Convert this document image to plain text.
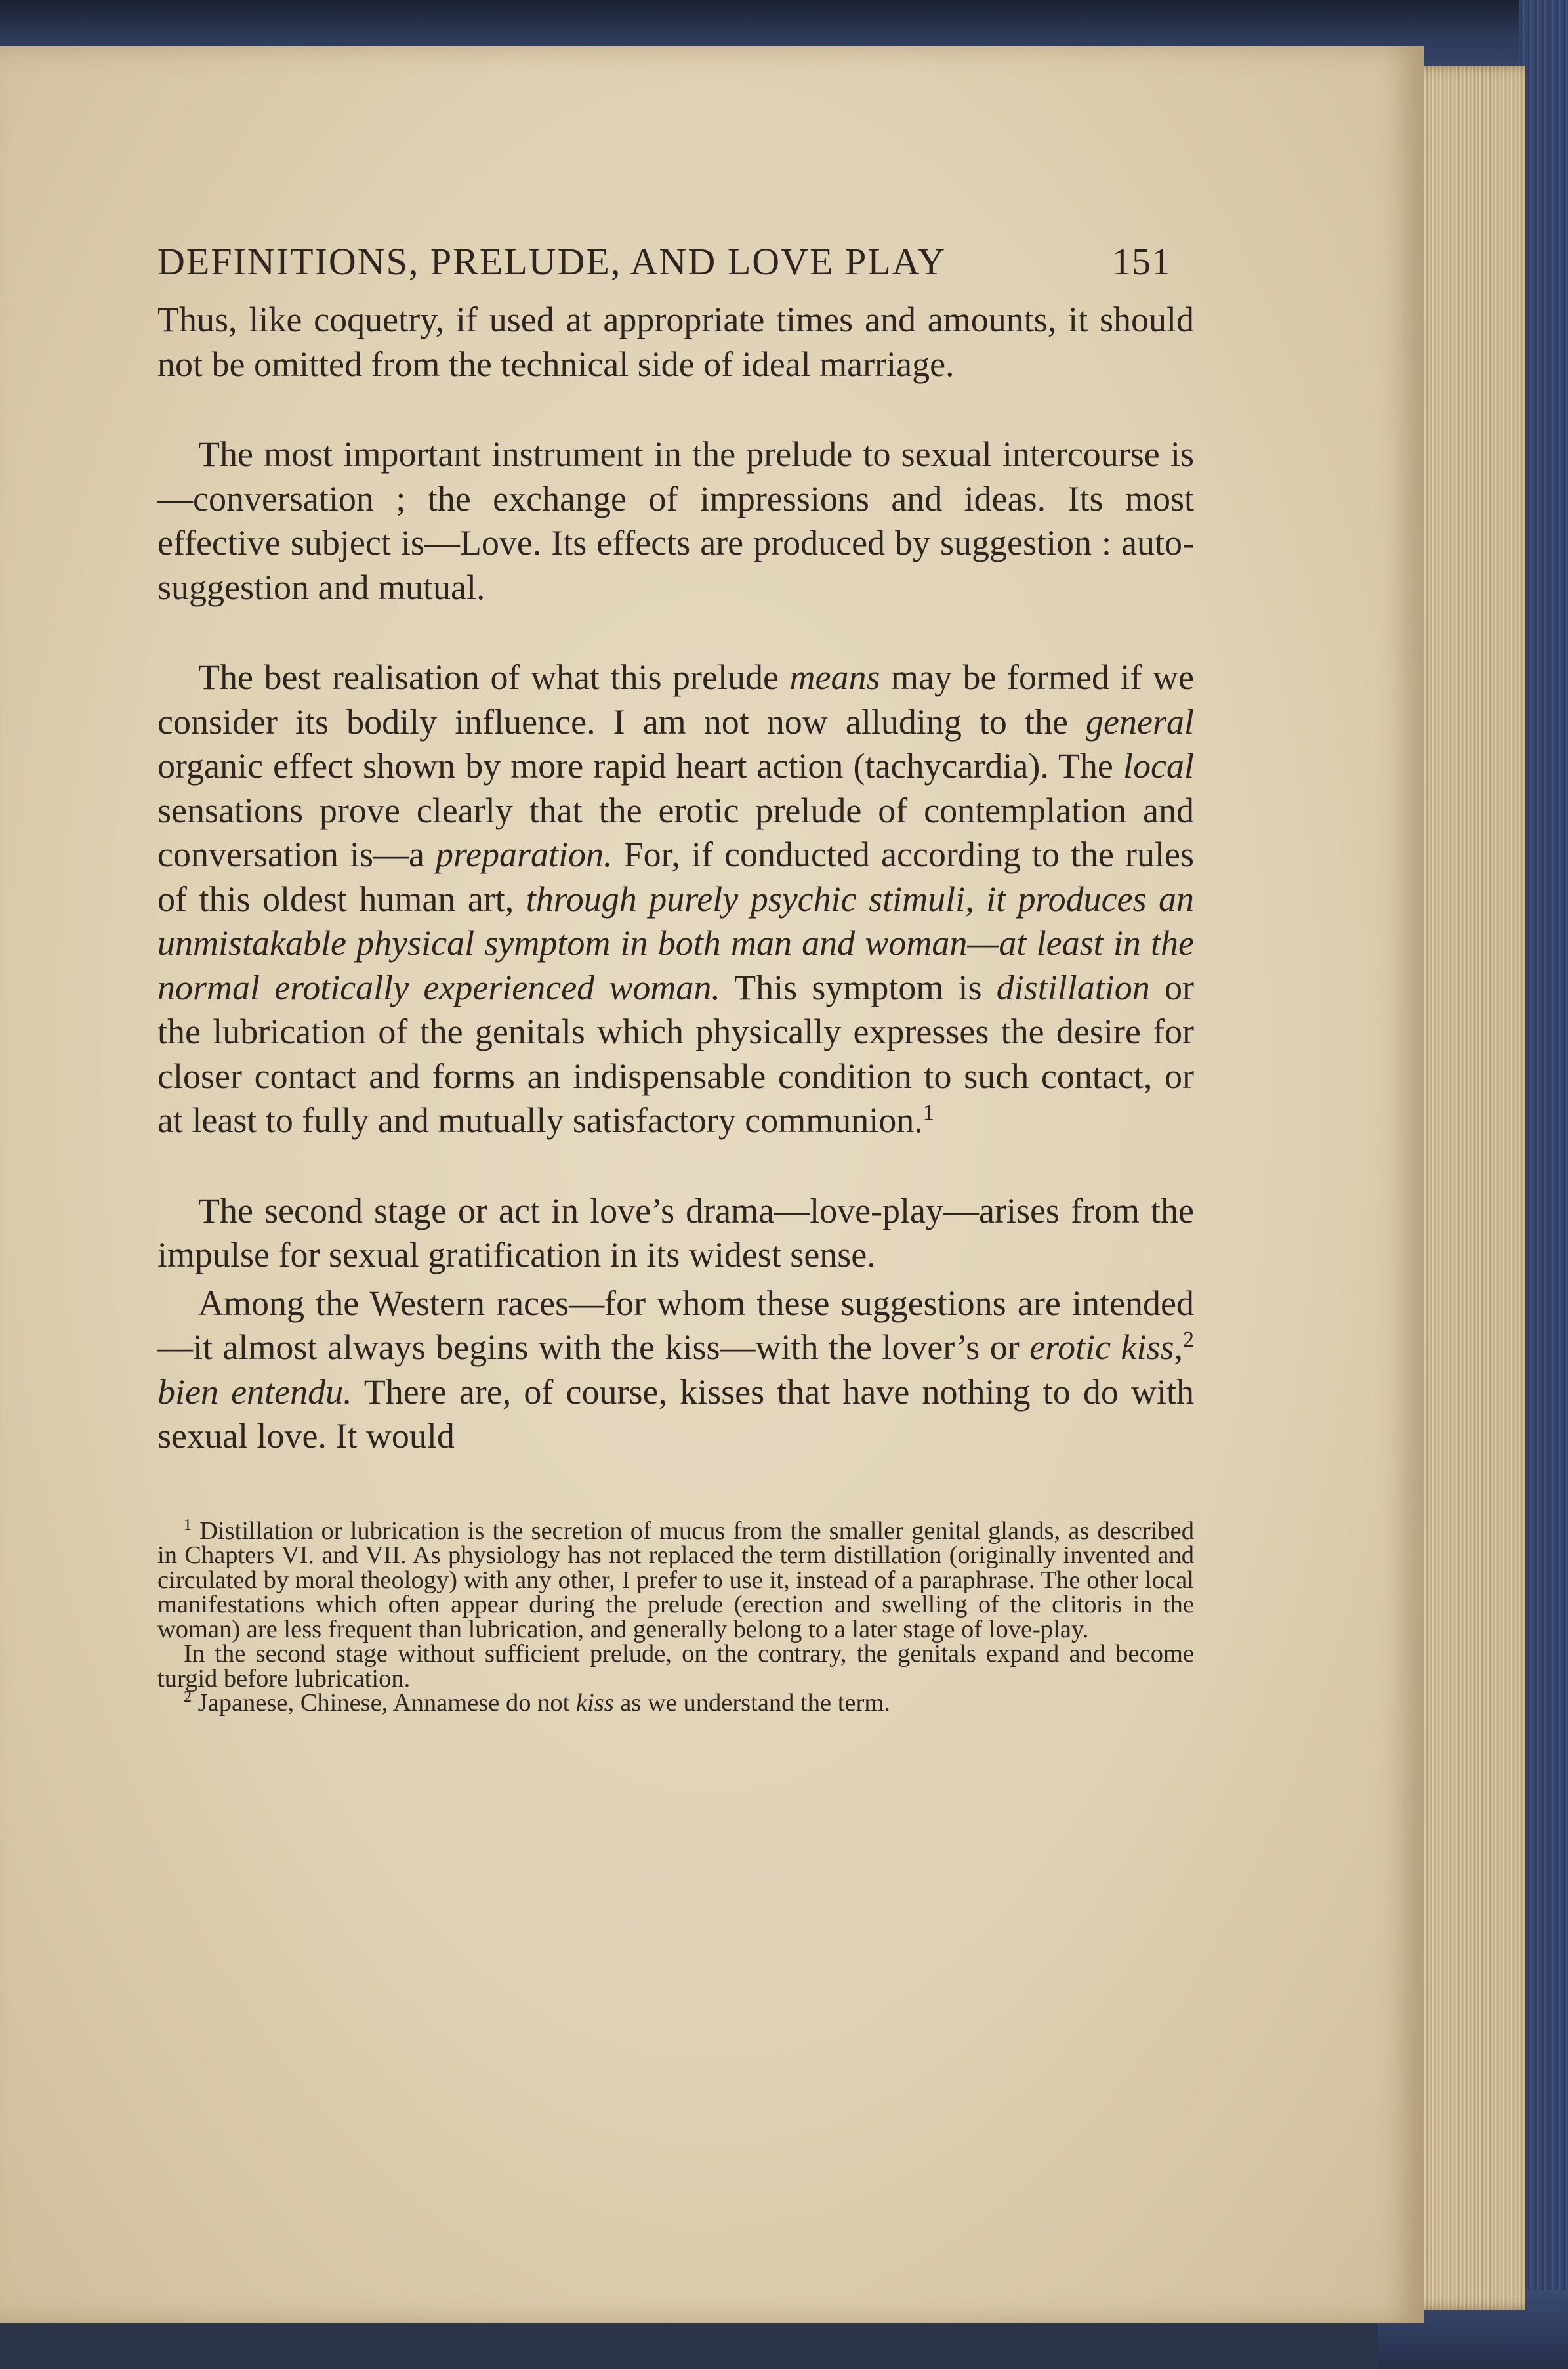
DEFINITIONS, PRELUDE, AND LOVE PLAY	151

Thus, like coquetry, if used at appropriate times and amounts, it should not be omitted from the technical side of ideal marriage.

The most important instrument in the prelude to sexual intercourse is—conversation ; the exchange of impressions and ideas. Its most effective subject is—Love. Its effects are produced by suggestion : auto-suggestion and mutual.

The best realisation of what this prelude means may be formed if we consider its bodily influence. I am not now alluding to the general organic effect shown by more rapid heart action (tachycardia). The local sensations prove clearly that the erotic prelude of contemplation and conversation is—a preparation. For, if conducted according to the rules of this oldest human art, through purely psychic stimuli, it produces an unmistakable physical symptom in both man and woman—at least in the normal erotically experienced woman. This symptom is distillation or the lubrication of the genitals which physically expresses the desire for closer contact and forms an indispensable condition to such contact, or at least to fully and mutually satisfactory communion.$^1$

The second stage or act in love’s drama—love-play—arises from the impulse for sexual gratification in its widest sense.

Among the Western races—for whom these suggestions are intended—it almost always begins with the kiss—with the lover’s or erotic kiss,$^2$ bien entendu. There are, of course, kisses that have nothing to do with sexual love. It would

$^1$ Distillation or lubrication is the secretion of mucus from the smaller genital glands, as described in Chapters VI. and VII. As physiology has not replaced the term distillation (originally invented and circulated by moral theology) with any other, I prefer to use it, instead of a paraphrase. The other local manifestations which often appear during the prelude (erection and swelling of the clitoris in the woman) are less frequent than lubrication, and generally belong to a later stage of love-play.

In the second stage without sufficient prelude, on the contrary, the genitals expand and become turgid before lubrication.

$^2$ Japanese, Chinese, Annamese do not kiss as we understand the term.
